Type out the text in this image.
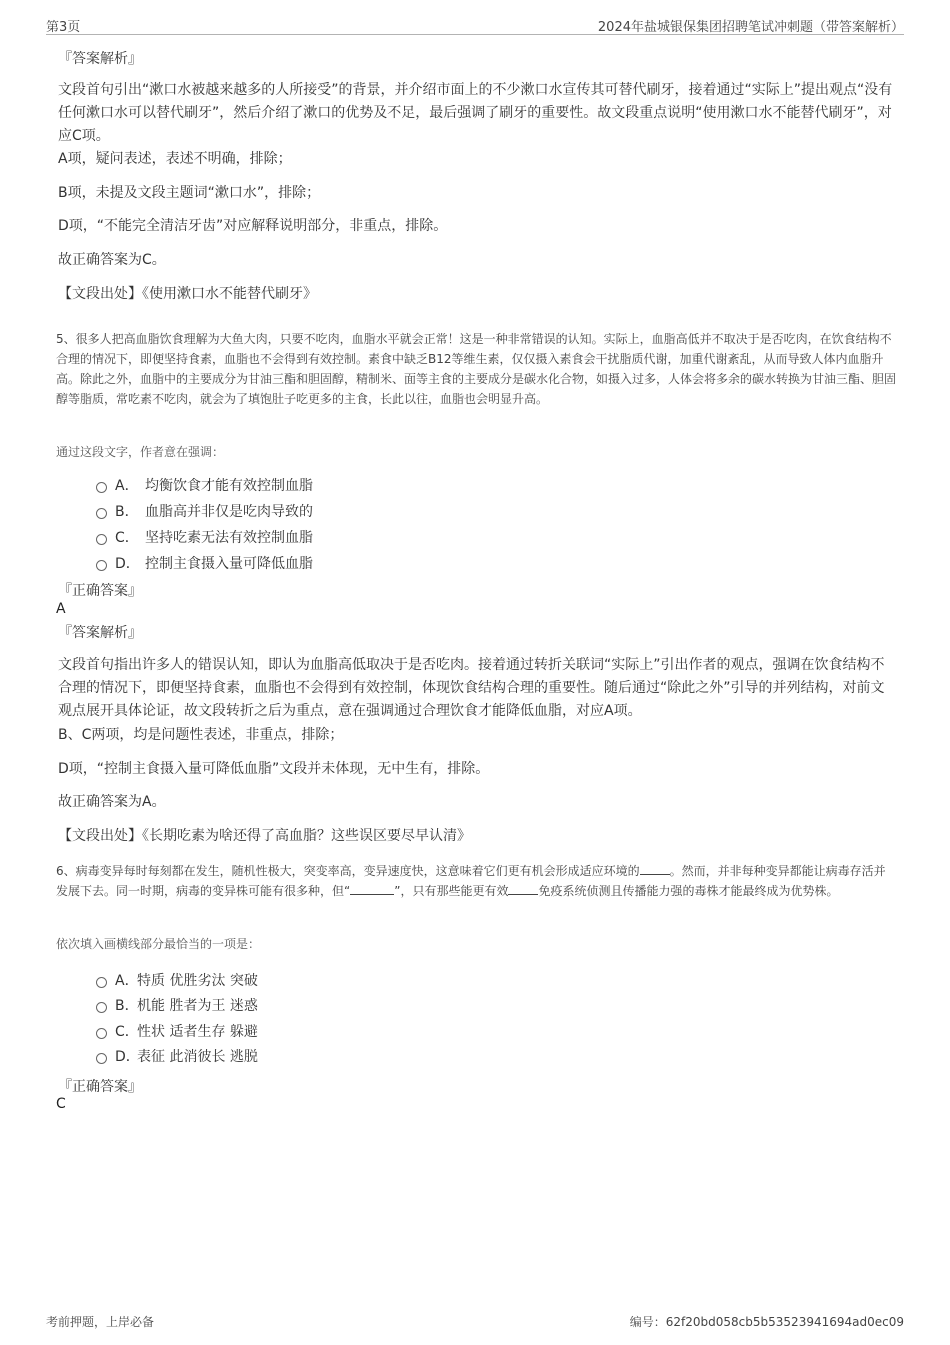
第3页	2024年盐城银保集团招聘笔试冲刺题（带答案解析）
『答案解析』
文段首句引出“漱口水被越来越多的人所接受”的背景，并介绍市面上的不少漱口水宣传其可替代刷牙，接着通过“实际上”提出观点“没有任何漱口水可以替代刷牙”，然后介绍了漱口的优势及不足，最后强调了刷牙的重要性。故文段重点说明“使用漱口水不能替代刷牙”，对应C项。
A项，疑问表述，表述不明确，排除；
B项，未提及文段主题词“漱口水”，排除；
D项，“不能完全清洁牙齿”对应解释说明部分，非重点，排除。
故正确答案为C。
【文段出处】《使用漱口水不能替代刷牙》
5、很多人把高血脂饮食理解为大鱼大肉，只要不吃肉，血脂水平就会正常！这是一种非常错误的认知。实际上，血脂高低并不取决于是否吃肉，在饮食结构不合理的情况下，即便坚持食素，血脂也不会得到有效控制。素食中缺乏B12等维生素，仅仅摄入素食会干扰脂质代谢，加重代谢紊乱，从而导致人体内血脂升高。除此之外，血脂中的主要成分为甘油三酯和胆固醇，精制米、面等主食的主要成分是碳水化合物，如摄入过多，人体会将多余的碳水转换为甘油三酯、胆固醇等脂质，常吃素不吃肉，就会为了填饱肚子吃更多的主食，长此以往，血脂也会明显升高。
通过这段文字，作者意在强调：
A． 均衡饮食才能有效控制血脂
B． 血脂高并非仅是吃肉导致的
C． 坚持吃素无法有效控制血脂
D． 控制主食摄入量可降低血脂
『正确答案』
A
『答案解析』
文段首句指出许多人的错误认知，即认为血脂高低取决于是否吃肉。接着通过转折关联词“实际上”引出作者的观点，强调在饮食结构不合理的情况下，即便坚持食素，血脂也不会得到有效控制，体现饮食结构合理的重要性。随后通过“除此之外”引导的并列结构，对前文观点展开具体论证，故文段转折之后为重点，意在强调通过合理饮食才能降低血脂，对应A项。
B、C两项，均是问题性表述，非重点，排除；
D项，“控制主食摄入量可降低血脂”文段并未体现，无中生有，排除。
故正确答案为A。
【文段出处】《长期吃素为啥还得了高血脂？这些误区要尽早认清》
6、病毒变异每时每刻都在发生，随机性极大，突变率高，变异速度快，这意味着它们更有机会形成适应环境的	。然而，并非每种变异都能让病毒存活并发展下去。同一时期，病毒的变异株可能有很多种，但“	”，只有那些能更有效	免疫系统侦测且传播能力强的毒株才能最终成为优势株。
依次填入画横线部分最恰当的一项是：
A．特质 优胜劣汰 突破
B．机能 胜者为王 迷惑
C．性状 适者生存 躲避
D．表征 此消彼长 逃脱
『正确答案』
C
考前押题，上岸必备	编号：62f20bd058cb5b53523941694ad0ec09
